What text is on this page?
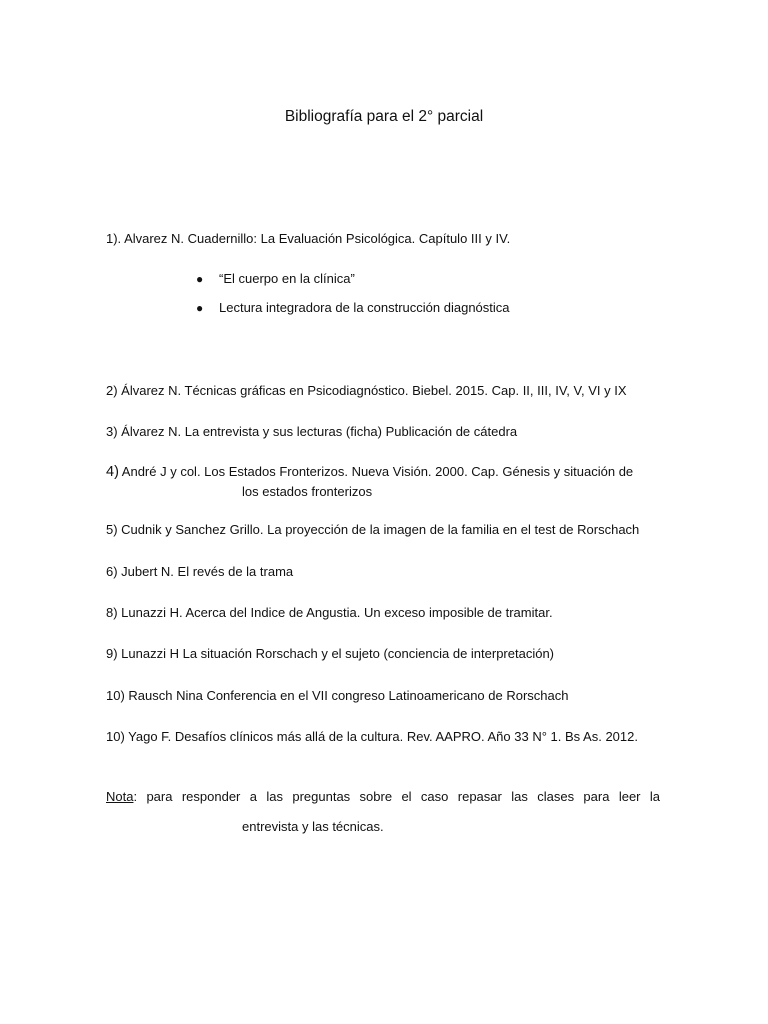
Bibliografía para el 2° parcial
1). Alvarez N. Cuadernillo: La Evaluación Psicológica. Capítulo III y IV.
● “El cuerpo en la clínica”
● Lectura integradora de la construcción diagnóstica
2) Álvarez N. Técnicas gráficas en Psicodiagnóstico. Biebel. 2015. Cap. II, III, IV, V, VI y IX
3) Álvarez N. La entrevista y sus lecturas (ficha) Publicación de cátedra
4) André J y col. Los Estados Fronterizos. Nueva Visión. 2000. Cap. Génesis y situación de
los estados fronterizos
5) Cudnik y Sanchez Grillo. La proyección de la imagen de la familia en el test de Rorschach
6) Jubert N. El revés de la trama
8) Lunazzi H. Acerca del Indice de Angustia. Un exceso imposible de tramitar.
9) Lunazzi H La situación Rorschach y el sujeto (conciencia de interpretación)
10) Rausch Nina Conferencia en el VII congreso Latinoamericano de Rorschach
10) Yago F. Desafíos clínicos más allá de la cultura. Rev. AAPRO. Año 33 N° 1. Bs As. 2012.
Nota: para responder a las preguntas sobre el caso repasar las clases para leer la
entrevista y las técnicas.
